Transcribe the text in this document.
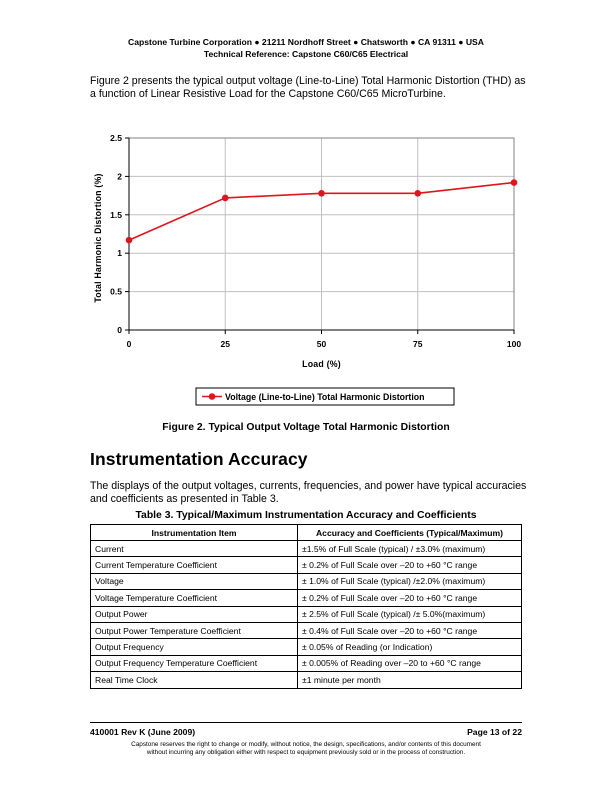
Capstone Turbine Corporation ● 21211 Nordhoff Street ● Chatsworth ● CA 91311 ● USA
Technical Reference: Capstone C60/C65 Electrical
Figure 2 presents the typical output voltage (Line-to-Line) Total Harmonic Distortion (THD) as a function of Linear Resistive Load for the Capstone C60/C65 MicroTurbine.
0
0.5
1
1.5
2
2.5
0	25	50	75	100
Load (%)
Total Harmonic Distortion (%)
Voltage (Line-to-Line) Total Harmonic Distortion
Figure 2. Typical Output Voltage Total Harmonic Distortion
Instrumentation Accuracy
The displays of the output voltages, currents, frequencies, and power have typical accuracies and coefficients as presented in Table 3.
Table 3. Typical/Maximum Instrumentation Accuracy and Coefficients
Instrumentation Item	Accuracy and Coefficients (Typical/Maximum)
Current	±1.5% of Full Scale (typical) / ±3.0% (maximum)
Current Temperature Coefficient	± 0.2% of Full Scale over –20 to +60 °C range
Voltage	± 1.0% of Full Scale (typical) /±2.0% (maximum)
Voltage Temperature Coefficient	± 0.2% of Full Scale over –20 to +60 °C range
Output Power	± 2.5% of Full Scale (typical) /± 5.0%(maximum)
Output Power Temperature Coefficient	± 0.4% of Full Scale over –20 to +60 °C range
Output Frequency	± 0.05% of Reading (or Indication)
Output Frequency Temperature Coefficient	± 0.005% of Reading over –20 to +60 °C range
Real Time Clock	±1 minute per month
410001 Rev K (June 2009)	Page 13 of 22
Capstone reserves the right to change or modify, without notice, the design, specifications, and/or contents of this document
without incurring any obligation either with respect to equipment previously sold or in the process of construction.
